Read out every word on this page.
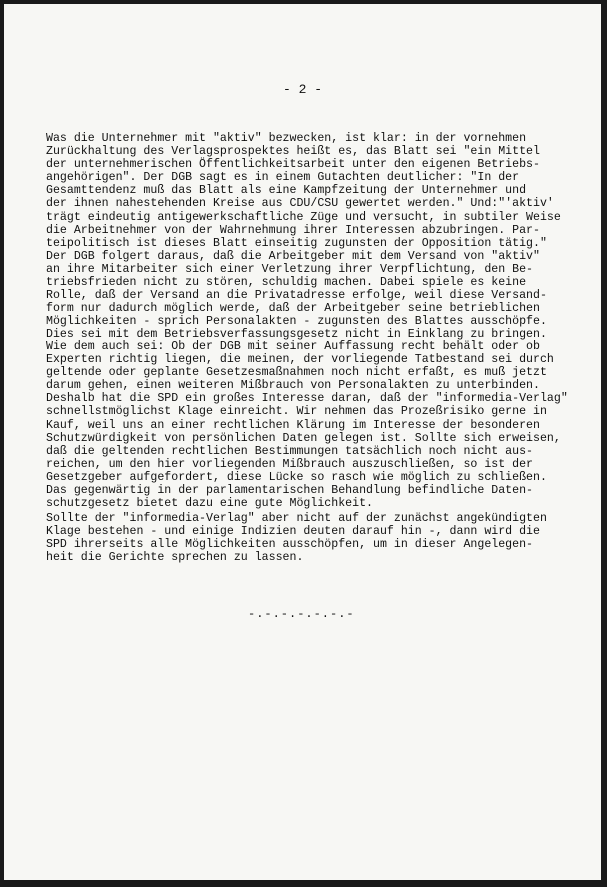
- 2 -
Was die Unternehmer mit "aktiv" bezwecken, ist klar: in der vornehmen
Zurückhaltung des Verlagsprospektes heißt es, das Blatt sei "ein Mittel
der unternehmerischen Öffentlichkeitsarbeit unter den eigenen Betriebs-
angehörigen". Der DGB sagt es in einem Gutachten deutlicher: "In der
Gesamttendenz muß das Blatt als eine Kampfzeitung der Unternehmer und
der ihnen nahestehenden Kreise aus CDU/CSU gewertet werden." Und:"'aktiv'
trägt eindeutig antigewerkschaftliche Züge und versucht, in subtiler Weise
die Arbeitnehmer von der Wahrnehmung ihrer Interessen abzubringen. Par-
teipolitisch ist dieses Blatt einseitig zugunsten der Opposition tätig."
Der DGB folgert daraus, daß die Arbeitgeber mit dem Versand von "aktiv"
an ihre Mitarbeiter sich einer Verletzung ihrer Verpflichtung, den Be-
triebsfrieden nicht zu stören, schuldig machen. Dabei spiele es keine
Rolle, daß der Versand an die Privatadresse erfolge, weil diese Versand-
form nur dadurch möglich werde, daß der Arbeitgeber seine betrieblichen
Möglichkeiten - sprich Personalakten - zugunsten des Blattes ausschöpfe.
Dies sei mit dem Betriebsverfassungsgesetz nicht in Einklang zu bringen.
Wie dem auch sei: Ob der DGB mit seiner Auffassung recht behält oder ob
Experten richtig liegen, die meinen, der vorliegende Tatbestand sei durch
geltende oder geplante Gesetzesmaßnahmen noch nicht erfaßt, es muß jetzt
darum gehen, einen weiteren Mißbrauch von Personalakten zu unterbinden.
Deshalb hat die SPD ein großes Interesse daran, daß der "informedia-Verlag"
schnellstmöglichst Klage einreicht. Wir nehmen das Prozeßrisiko gerne in
Kauf, weil uns an einer rechtlichen Klärung im Interesse der besonderen
Schutzwürdigkeit von persönlichen Daten gelegen ist. Sollte sich erweisen,
daß die geltenden rechtlichen Bestimmungen tatsächlich noch nicht aus-
reichen, um den hier vorliegenden Mißbrauch auszuschließen, so ist der
Gesetzgeber aufgefordert, diese Lücke so rasch wie möglich zu schließen.
Das gegenwärtig in der parlamentarischen Behandlung befindliche Daten-
schutzgesetz bietet dazu eine gute Möglichkeit.
Sollte der "informedia-Verlag" aber nicht auf der zunächst angekündigten
Klage bestehen - und einige Indizien deuten darauf hin -, dann wird die
SPD ihrerseits alle Möglichkeiten ausschöpfen, um in dieser Angelegen-
heit die Gerichte sprechen zu lassen.
-.-.-.-.-.-.-
